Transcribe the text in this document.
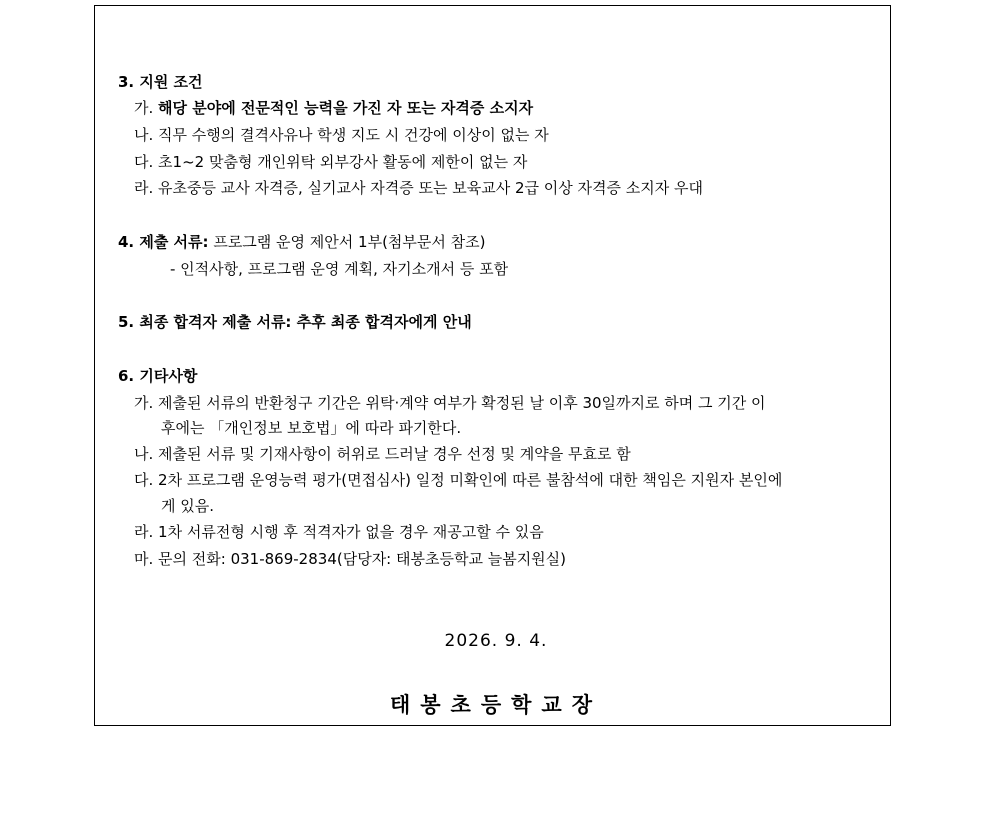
3. 지원 조건
가. 해당 분야에 전문적인 능력을 가진 자 또는 자격증 소지자
나. 직무 수행의 결격사유나 학생 지도 시 건강에 이상이 없는 자
다. 초1~2 맞춤형 개인위탁 외부강사 활동에 제한이 없는 자
라. 유초중등 교사 자격증, 실기교사 자격증 또는 보육교사 2급 이상 자격증 소지자 우대
4. 제출 서류: 프로그램 운영 제안서 1부(첨부문서 참조)
- 인적사항, 프로그램 운영 계획, 자기소개서 등 포함
5. 최종 합격자 제출 서류: 추후 최종 합격자에게 안내
6. 기타사항
가. 제출된 서류의 반환청구 기간은 위탁·계약 여부가 확정된 날 이후 30일까지로 하며 그 기간 이
후에는 「개인정보 보호법」에 따라 파기한다.
나. 제출된 서류 및 기재사항이 허위로 드러날 경우 선정 및 계약을 무효로 함
다. 2차 프로그램 운영능력 평가(면접심사) 일정 미확인에 따른 불참석에 대한 책임은 지원자 본인에
게 있음.
라. 1차 서류전형 시행 후 적격자가 없을 경우 재공고할 수 있음
마. 문의 전화: 031-869-2834(담당자: 태봉초등학교 늘봄지원실)
2026. 9. 4.
태봉초등학교장
